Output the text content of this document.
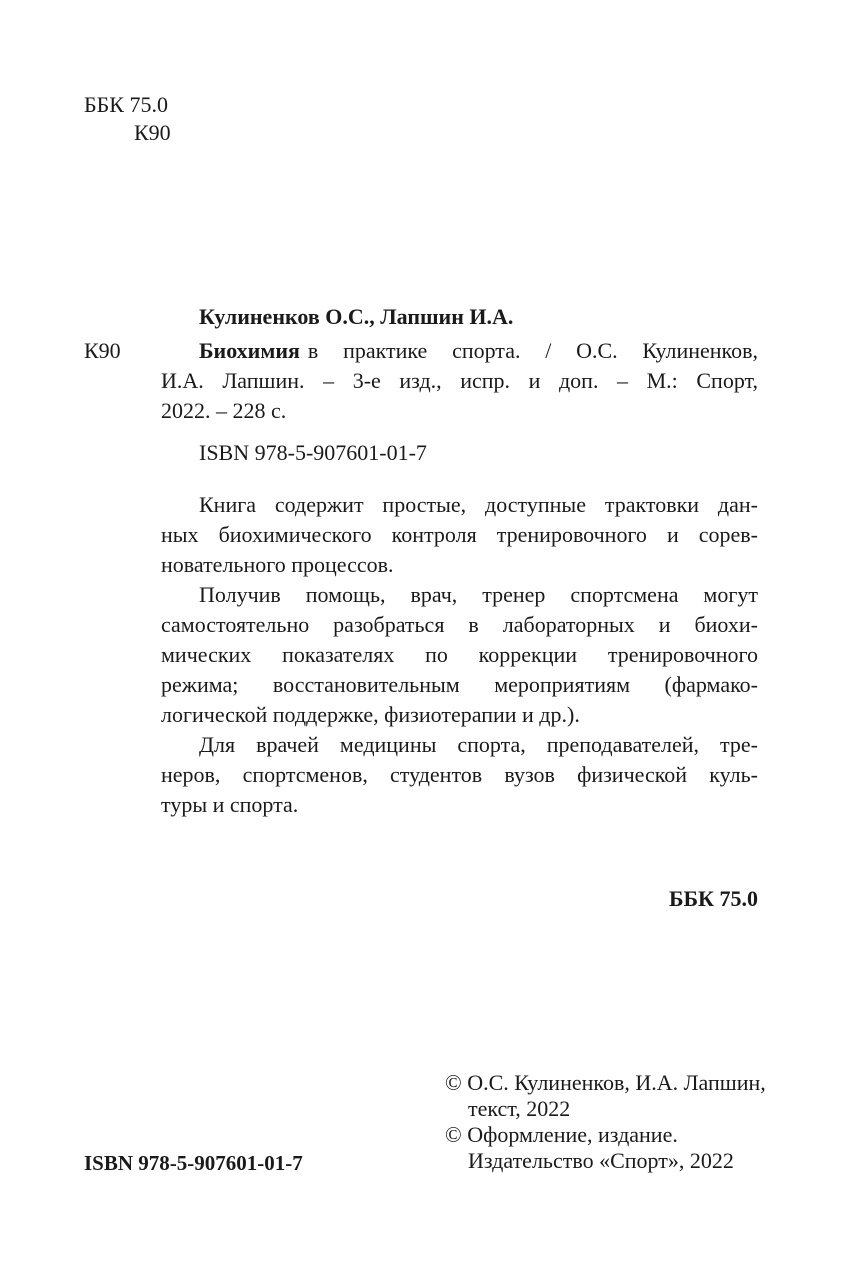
ББК 75.0
К90
Кулиненков О.С., Лапшин И.А.
К90	Биохимия в практике спорта. / О.С. Кулиненков,
И.А. Лапшин. – 3-е изд., испр. и доп. – М.: Спорт,
2022. – 228 с.
ISBN 978-5-907601-01-7
Книга содержит простые, доступные трактовки дан-
ных биохимического контроля тренировочного и сорев-
новательного процессов.
Получив помощь, врач, тренер спортсмена могут
самостоятельно разобраться в лабораторных и биохи-
мических показателях по коррекции тренировочного
режима; восстановительным мероприятиям (фармако-
логической поддержке, физиотерапии и др.).
Для врачей медицины спорта, преподавателей, тре-
неров, спортсменов, студентов вузов физической куль-
туры и спорта.
ББК 75.0
© О.С. Кулиненков, И.А. Лапшин,
текст, 2022
© Оформление, издание.
Издательство «Спорт», 2022
ISBN 978-5-907601-01-7
